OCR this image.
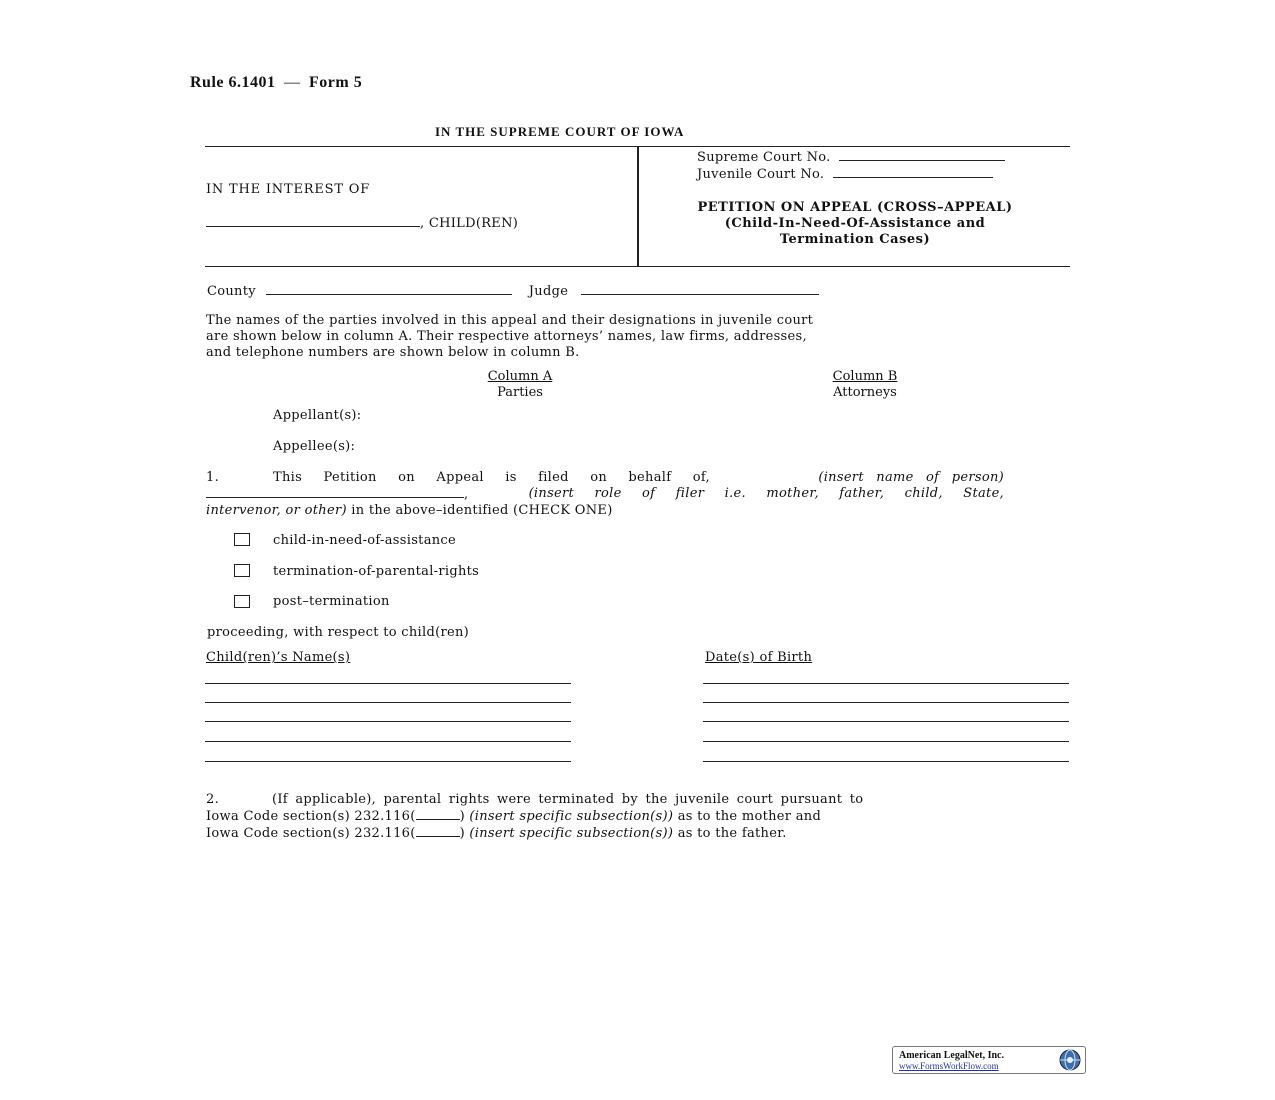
Rule 6.1401 — Form 5
IN THE SUPREME COURT OF IOWA
IN THE INTEREST OF
, CHILD(REN)
Supreme Court No.
Juvenile Court No.
PETITION ON APPEAL (CROSS–APPEAL)
(Child-In-Need-Of-Assistance and
Termination Cases)
County	Judge
The names of the parties involved in this appeal and their designations in juvenile court
are shown below in column A. Their respective attorneys’ names, law firms, addresses,
and telephone numbers are shown below in column B.
Column A
Parties
Column B
Attorneys
Appellant(s):
Appellee(s):
1.	This Petition on Appeal is filed on behalf of,	(insert name of person)
,	(insert role of filer i.e. mother, father, child, State,
intervenor, or other) in the above–identified (CHECK ONE)
child-in-need-of-assistance
termination-of-parental-rights
post–termination
proceeding, with respect to child(ren)
Child(ren)’s Name(s)	Date(s) of Birth
2.	(If applicable), parental rights were terminated by the juvenile court pursuant to
Iowa Code section(s) 232.116(	) (insert specific subsection(s)) as to the mother and
Iowa Code section(s) 232.116(	) (insert specific subsection(s)) as to the father.
American LegalNet, Inc.
www.FormsWorkFlow.com
